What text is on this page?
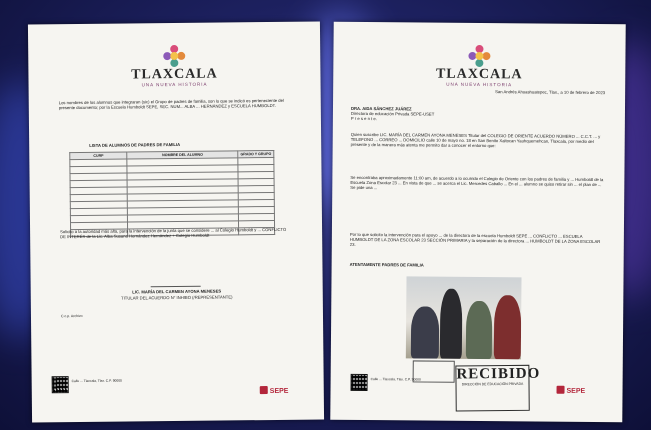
TLAXCALA
UNA NUEVA HISTORIA
Los nombres de los alumnos que integraran (sic) el Grupo de padres de familia, son lo que se indicó es perteneciente del presente documento; por la Escuela Humboldt SEPE, SEC. NUM... ALBA ... HERNÁNDEZ y ESCUELA HUMBOLDT.
LISTA DE ALUMNOS DE PADRES DE FAMILIA
CURP	NOMBRE DEL ALUMNO	GRADO Y GRUPO

Solicito a la autoridad más alta, para la intervención de la junta que se considere ... al Colegio Humboldt y ... CONFLICTO DE INTERÉS de la Lic. Alba Susana Hernández Hernández + Colegio Humboldt
LIC. MARÍA DEL CARMEN AYONA MENESES
TITULAR DEL ACUERDO N° INHIBO (/REPRESENTANTE)
C.c.p. Archivo
Calle ... Tlaxcala, Tlax. C.P. 90000
SEPE
TLAXCALA
UNA NUEVA HISTORIA
San Andrés Ahuashuatepec, Tlax., a 10 de febrero de 2023
DRA. AIDA SÁNCHEZ JUÁREZ
Directora de educación Privada SEPE-USET
P r e s e n t e.
Quien suscribe LIC. MARÍA DEL CARMEN AYONA MENESES Titular del COLEGIO DE ORIENTE ACUERDO NÚMERO ... C.C.T. ... y TELEFONO ... CORREO ... DOMICILIO calle 10 de mayo no. 18 en San Benito Xaltocan Yauhquemehcan, Tlaxcala, por medio del presente y de la manera más atenta me permito dar a conocer el entorno que:
Se encontraba aproximadamente 11:00 am, de acuerdo a lo ocurrido el Colegio de Oriente con los padres de familia y ... Humboldt de la Escuela Zona Escolar 23 ... En vista de que ... se acerca el Lic. Mercedes Caballo ... En el ... alumno se quiso retirar sin ... el plan de ... Se pide una ...
Por lo que solicito la intervención para el apoyo ... de la directora de la escuela Humboldt SEPE ... CONFLICTO ... ESCUELA HUMBOLDT DE LA ZONA ESCOLAR 23 SECCIÓN PRIMARIA y la separación de la directora ... HUMBOLDT DE LA ZONA ESCOLAR 23.
ATENTAMENTE PADRES DE FAMILIA
RECIBIDO
DIRECCIÓN DE EDUCACIÓN PRIVADA
Calle ... Tlaxcala, Tlax. C.P. 90000
SEPE
